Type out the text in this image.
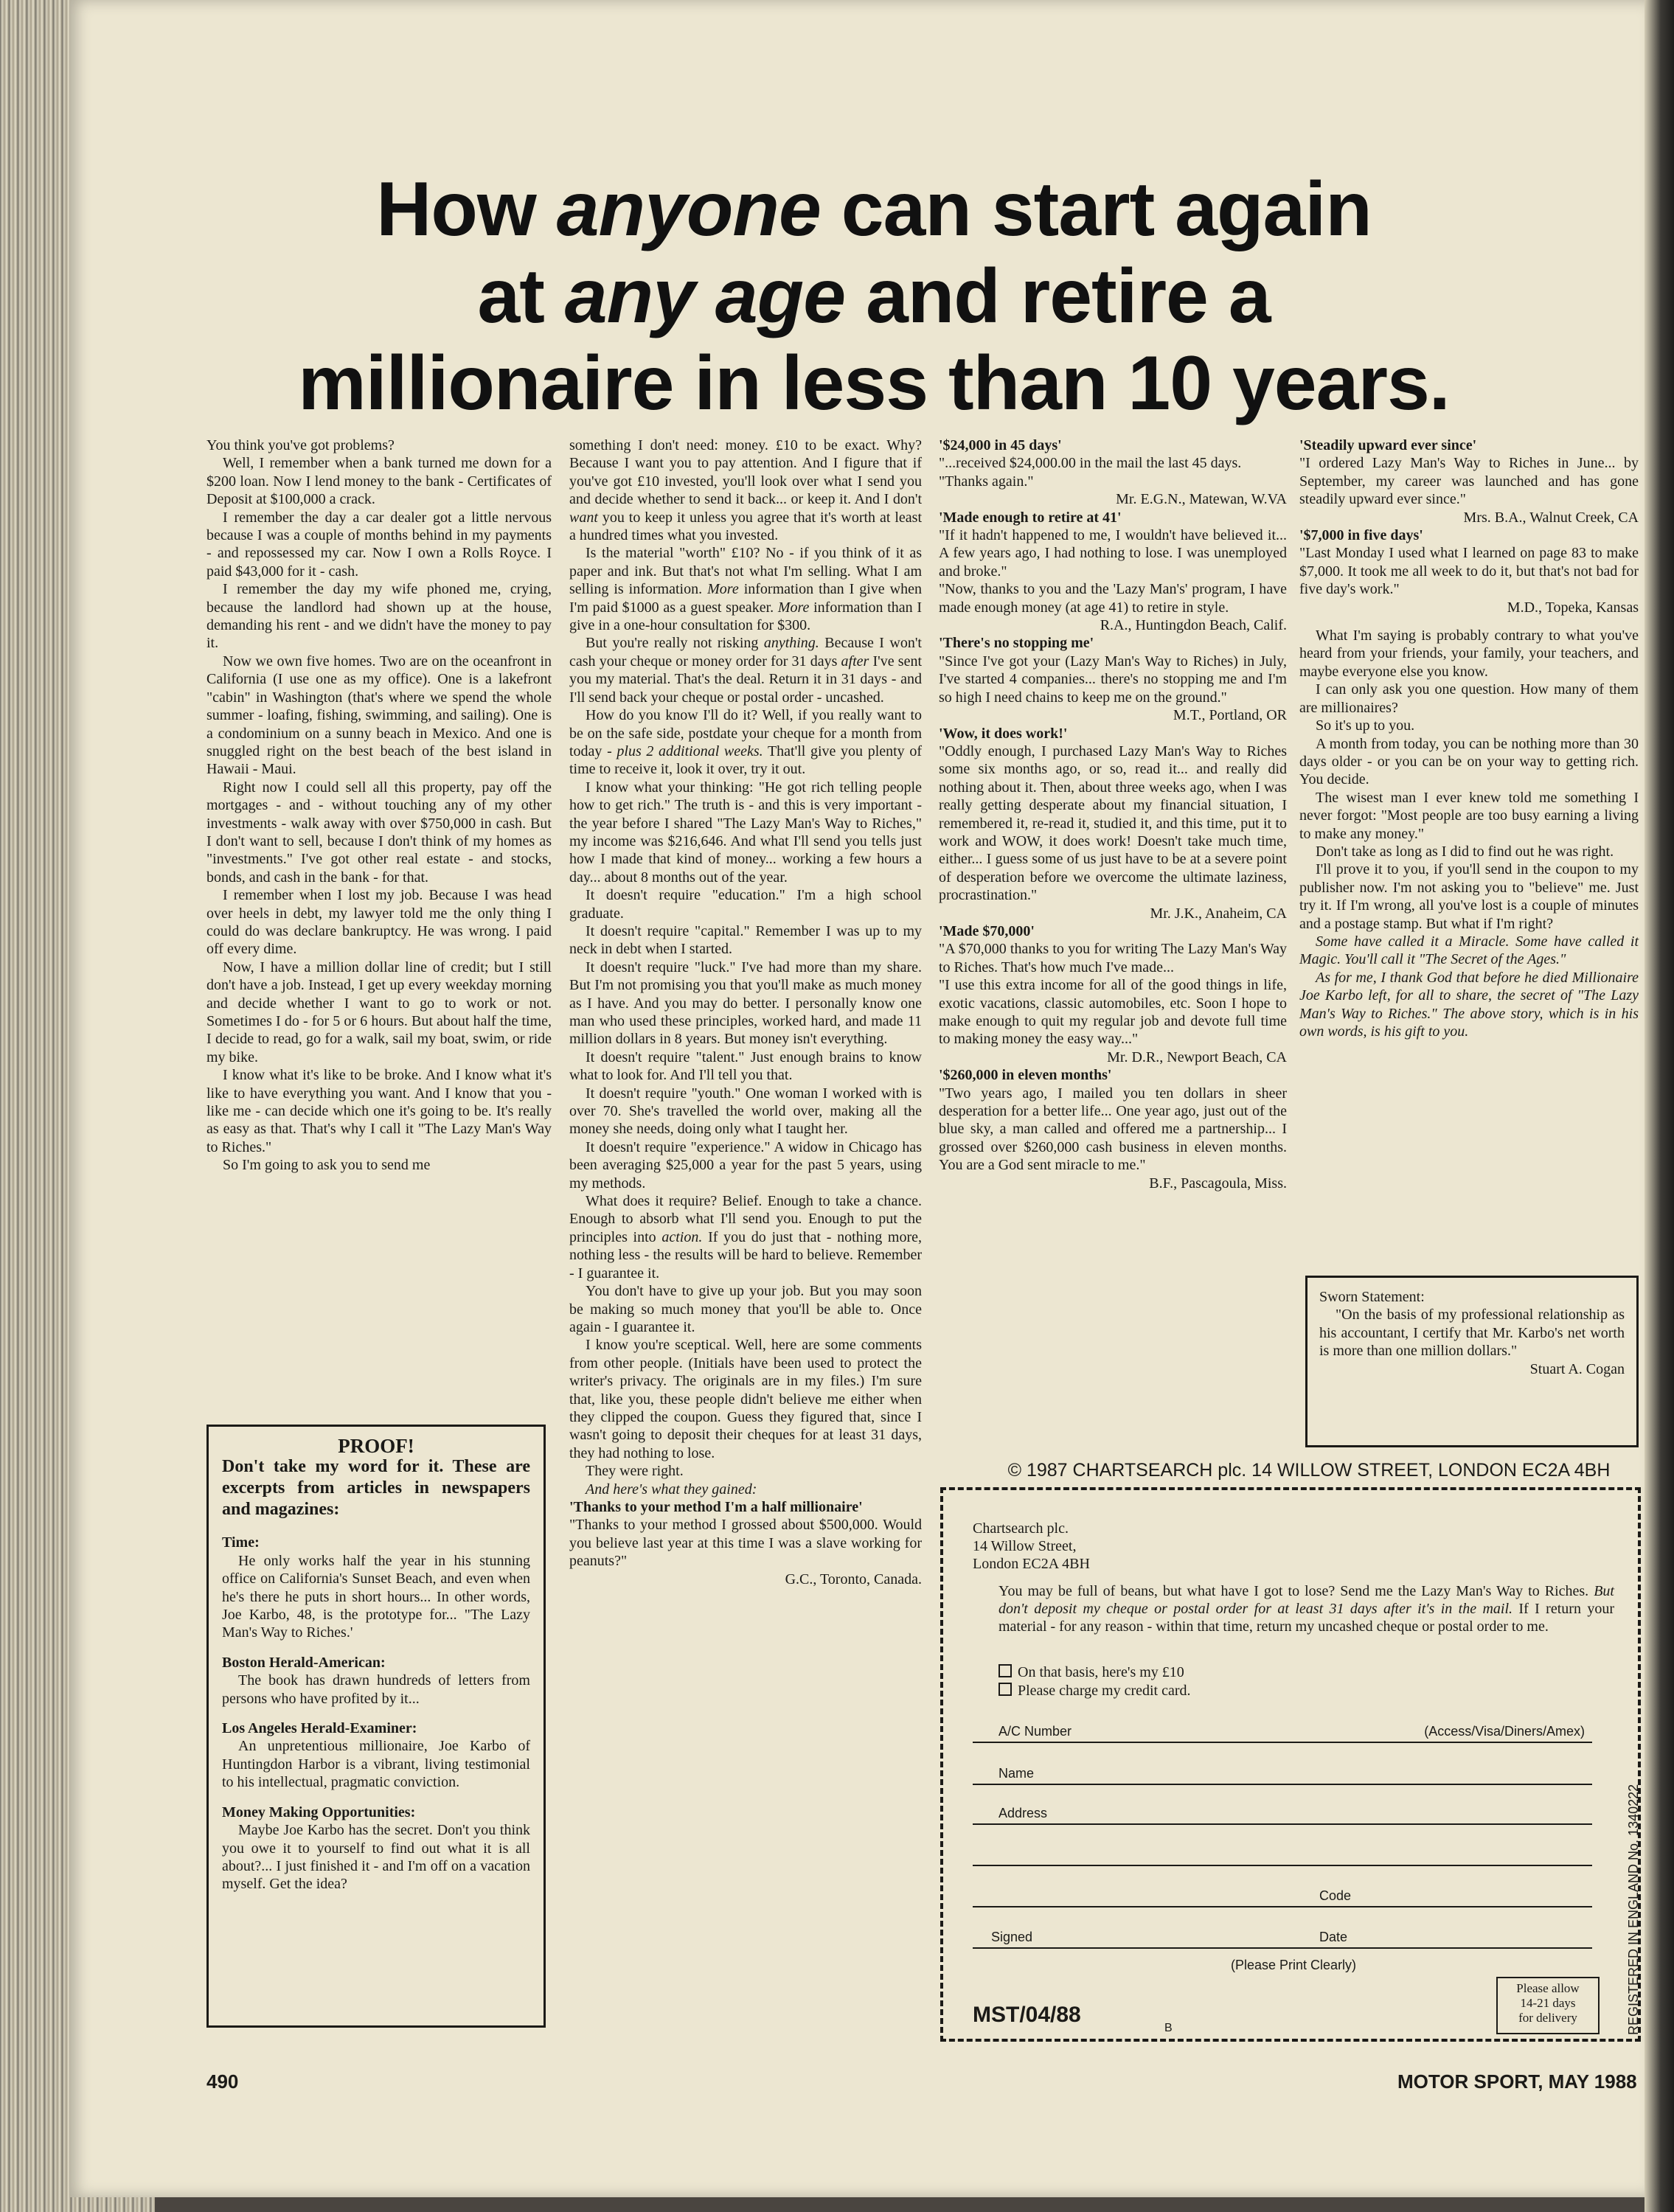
How anyone can start again
at any age and retire a
millionaire in less than 10 years.

You think you've got problems?

Well, I remember when a bank turned me down for a $200 loan. Now I lend money to the bank - Certificates of Deposit at $100,000 a crack.

I remember the day a car dealer got a little nervous because I was a couple of months behind in my payments - and repossessed my car. Now I own a Rolls Royce. I paid $43,000 for it - cash.

I remember the day my wife phoned me, crying, because the landlord had shown up at the house, demanding his rent - and we didn't have the money to pay it.

Now we own five homes. Two are on the oceanfront in California (I use one as my office). One is a lakefront "cabin" in Washington (that's where we spend the whole summer - loafing, fishing, swimming, and sailing). One is a condominium on a sunny beach in Mexico. And one is snuggled right on the best beach of the best island in Hawaii - Maui.

Right now I could sell all this property, pay off the mortgages - and - without touching any of my other investments - walk away with over $750,000 in cash. But I don't want to sell, because I don't think of my homes as "investments." I've got other real estate - and stocks, bonds, and cash in the bank - for that.

I remember when I lost my job. Because I was head over heels in debt, my lawyer told me the only thing I could do was declare bankruptcy. He was wrong. I paid off every dime.

Now, I have a million dollar line of credit; but I still don't have a job. Instead, I get up every weekday morning and decide whether I want to go to work or not. Sometimes I do - for 5 or 6 hours. But about half the time, I decide to read, go for a walk, sail my boat, swim, or ride my bike.

I know what it's like to be broke. And I know what it's like to have everything you want. And I know that you - like me - can decide which one it's going to be. It's really as easy as that. That's why I call it "The Lazy Man's Way to Riches."

So I'm going to ask you to send me

PROOF!
Don't take my word for it. These are excerpts from articles in newspapers and magazines:
Time:

He only works half the year in his stunning office on California's Sunset Beach, and even when he's there he puts in short hours... In other words, Joe Karbo, 48, is the prototype for... "The Lazy Man's Way to Riches.'

Boston Herald-American:

The book has drawn hundreds of letters from persons who have profited by it...

Los Angeles Herald-Examiner:

An unpretentious millionaire, Joe Karbo of Huntingdon Harbor is a vibrant, living testimonial to his intellectual, pragmatic conviction.

Money Making Opportunities:

Maybe Joe Karbo has the secret. Don't you think you owe it to yourself to find out what it is all about?... I just finished it - and I'm off on a vacation myself. Get the idea?

something I don't need: money. £10 to be exact. Why? Because I want you to pay attention. And I figure that if you've got £10 invested, you'll look over what I send you and decide whether to send it back... or keep it. And I don't want you to keep it unless you agree that it's worth at least a hundred times what you invested.

Is the material "worth" £10? No - if you think of it as paper and ink. But that's not what I'm selling. What I am selling is information. More information than I give when I'm paid $1000 as a guest speaker. More information than I give in a one-hour consultation for $300.

But you're really not risking anything. Because I won't cash your cheque or money order for 31 days after I've sent you my material. That's the deal. Return it in 31 days - and I'll send back your cheque or postal order - uncashed.

How do you know I'll do it? Well, if you really want to be on the safe side, postdate your cheque for a month from today - plus 2 additional weeks. That'll give you plenty of time to receive it, look it over, try it out.

I know what your thinking: "He got rich telling people how to get rich." The truth is - and this is very important - the year before I shared "The Lazy Man's Way to Riches," my income was $216,646. And what I'll send you tells just how I made that kind of money... working a few hours a day... about 8 months out of the year.

It doesn't require "education." I'm a high school graduate.

It doesn't require "capital." Remember I was up to my neck in debt when I started.

It doesn't require "luck." I've had more than my share. But I'm not promising you that you'll make as much money as I have. And you may do better. I personally know one man who used these principles, worked hard, and made 11 million dollars in 8 years. But money isn't everything.

It doesn't require "talent." Just enough brains to know what to look for. And I'll tell you that.

It doesn't require "youth." One woman I worked with is over 70. She's travelled the world over, making all the money she needs, doing only what I taught her.

It doesn't require "experience." A widow in Chicago has been averaging $25,000 a year for the past 5 years, using my methods.

What does it require? Belief. Enough to take a chance. Enough to absorb what I'll send you. Enough to put the principles into action. If you do just that - nothing more, nothing less - the results will be hard to believe. Remember - I guarantee it.

You don't have to give up your job. But you may soon be making so much money that you'll be able to. Once again - I guarantee it.

I know you're sceptical. Well, here are some comments from other people. (Initials have been used to protect the writer's privacy. The originals are in my files.) I'm sure that, like you, these people didn't believe me either when they clipped the coupon. Guess they figured that, since I wasn't going to deposit their cheques for at least 31 days, they had nothing to lose.

They were right.

And here's what they gained:

'Thanks to your method I'm a half millionaire'

"Thanks to your method I grossed about $500,000. Would you believe last year at this time I was a slave working for peanuts?"

G.C., Toronto, Canada.

'$24,000 in 45 days'

"...received $24,000.00 in the mail the last 45 days.

"Thanks again."

Mr. E.G.N., Matewan, W.VA

'Made enough to retire at 41'

"If it hadn't happened to me, I wouldn't have believed it... A few years ago, I had nothing to lose. I was unemployed and broke."

"Now, thanks to you and the 'Lazy Man's' program, I have made enough money (at age 41) to retire in style.

R.A., Huntingdon Beach, Calif.

'There's no stopping me'

"Since I've got your (Lazy Man's Way to Riches) in July, I've started 4 companies... there's no stopping me and I'm so high I need chains to keep me on the ground."

M.T., Portland, OR

'Wow, it does work!'

"Oddly enough, I purchased Lazy Man's Way to Riches some six months ago, or so, read it... and really did nothing about it. Then, about three weeks ago, when I was really getting desperate about my financial situation, I remembered it, re-read it, studied it, and this time, put it to work and WOW, it does work! Doesn't take much time, either... I guess some of us just have to be at a severe point of desperation before we overcome the ultimate laziness, procrastination."

Mr. J.K., Anaheim, CA

'Made $70,000'

"A $70,000 thanks to you for writing The Lazy Man's Way to Riches. That's how much I've made...

"I use this extra income for all of the good things in life, exotic vacations, classic automobiles, etc. Soon I hope to make enough to quit my regular job and devote full time to making money the easy way..."

Mr. D.R., Newport Beach, CA

'$260,000 in eleven months'

"Two years ago, I mailed you ten dollars in sheer desperation for a better life... One year ago, just out of the blue sky, a man called and offered me a partnership... I grossed over $260,000 cash business in eleven months. You are a God sent miracle to me."

B.F., Pascagoula, Miss.

'Steadily upward ever since'

"I ordered Lazy Man's Way to Riches in June... by September, my career was launched and has gone steadily upward ever since."

Mrs. B.A., Walnut Creek, CA

'$7,000 in five days'

"Last Monday I used what I learned on page 83 to make $7,000. It took me all week to do it, but that's not bad for five day's work."

M.D., Topeka, Kansas

What I'm saying is probably contrary to what you've heard from your friends, your family, your teachers, and maybe everyone else you know.

I can only ask you one question. How many of them are millionaires?

So it's up to you.

A month from today, you can be nothing more than 30 days older - or you can be on your way to getting rich. You decide.

The wisest man I ever knew told me something I never forgot: "Most people are too busy earning a living to make any money."

Don't take as long as I did to find out he was right.

I'll prove it to you, if you'll send in the coupon to my publisher now. I'm not asking you to "believe" me. Just try it. If I'm wrong, all you've lost is a couple of minutes and a postage stamp. But what if I'm right?

Some have called it a Miracle. Some have called it Magic. You'll call it "The Secret of the Ages."

As for me, I thank God that before he died Millionaire Joe Karbo left, for all to share, the secret of "The Lazy Man's Way to Riches." The above story, which is in his own words, is his gift to you.

Sworn Statement:

"On the basis of my professional relationship as his accountant, I certify that Mr. Karbo's net worth is more than one million dollars."

Stuart A. Cogan

© 1987 CHARTSEARCH plc. 14 WILLOW STREET, LONDON EC2A 4BH
Chartsearch plc.
14 Willow Street,
London EC2A 4BH
You may be full of beans, but what have I got to lose? Send me the Lazy Man's Way to Riches. But don't deposit my cheque or postal order for at least 31 days after it's in the mail. If I return your material - for any reason - within that time, return my uncashed cheque or postal order to me.
On that basis, here's my £10
Please charge my credit card.
A/C Number	(Access/Visa/Diners/Amex)
Name
Address
Code
Signed	Date
(Please Print Clearly)
MST/04/88
B
Please allow
14-21 days
for delivery	REGISTERED IN ENGLAND No. 1340222
490	MOTOR SPORT, MAY 1988
